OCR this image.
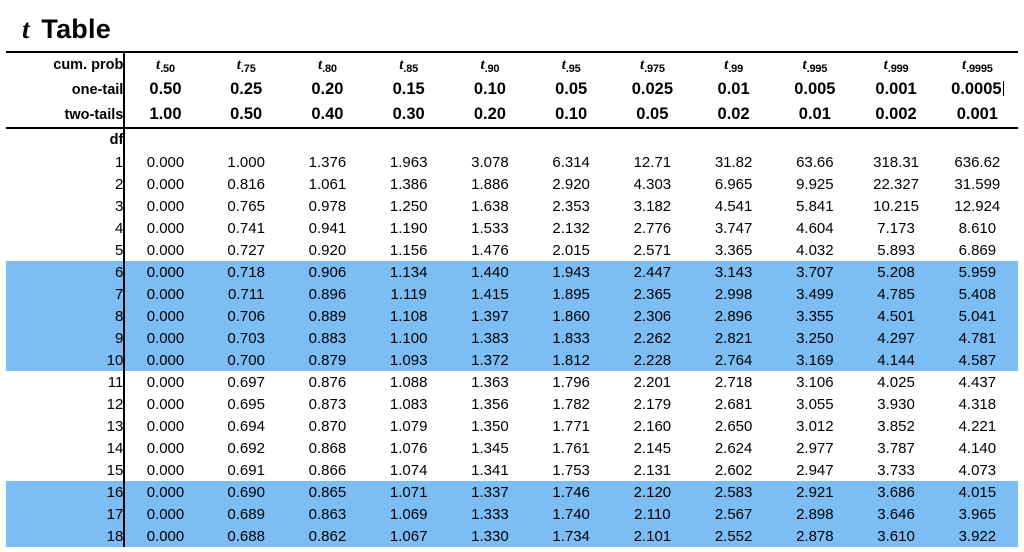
t Table
cum. prob	$t_{.50}$	$t_{.75}$	$t_{.80}$	$t_{.85}$	$t_{.90}$	$t_{.95}$	$t_{.975}$	$t_{.99}$	$t_{.995}$	$t_{.999}$	$t_{.9995}$
one-tail	0.50	0.25	0.20	0.15	0.10	0.05	0.025	0.01	0.005	0.001	0.0005
two-tails	1.00	0.50	0.40	0.30	0.20	0.10	0.05	0.02	0.01	0.002	0.001
df											
1	0.000	1.000	1.376	1.963	3.078	6.314	12.71	31.82	63.66	318.31	636.62
2	0.000	0.816	1.061	1.386	1.886	2.920	4.303	6.965	9.925	22.327	31.599
3	0.000	0.765	0.978	1.250	1.638	2.353	3.182	4.541	5.841	10.215	12.924
4	0.000	0.741	0.941	1.190	1.533	2.132	2.776	3.747	4.604	7.173	8.610
5	0.000	0.727	0.920	1.156	1.476	2.015	2.571	3.365	4.032	5.893	6.869
6	0.000	0.718	0.906	1.134	1.440	1.943	2.447	3.143	3.707	5.208	5.959
7	0.000	0.711	0.896	1.119	1.415	1.895	2.365	2.998	3.499	4.785	5.408
8	0.000	0.706	0.889	1.108	1.397	1.860	2.306	2.896	3.355	4.501	5.041
9	0.000	0.703	0.883	1.100	1.383	1.833	2.262	2.821	3.250	4.297	4.781
10	0.000	0.700	0.879	1.093	1.372	1.812	2.228	2.764	3.169	4.144	4.587
11	0.000	0.697	0.876	1.088	1.363	1.796	2.201	2.718	3.106	4.025	4.437
12	0.000	0.695	0.873	1.083	1.356	1.782	2.179	2.681	3.055	3.930	4.318
13	0.000	0.694	0.870	1.079	1.350	1.771	2.160	2.650	3.012	3.852	4.221
14	0.000	0.692	0.868	1.076	1.345	1.761	2.145	2.624	2.977	3.787	4.140
15	0.000	0.691	0.866	1.074	1.341	1.753	2.131	2.602	2.947	3.733	4.073
16	0.000	0.690	0.865	1.071	1.337	1.746	2.120	2.583	2.921	3.686	4.015
17	0.000	0.689	0.863	1.069	1.333	1.740	2.110	2.567	2.898	3.646	3.965
18	0.000	0.688	0.862	1.067	1.330	1.734	2.101	2.552	2.878	3.610	3.922
